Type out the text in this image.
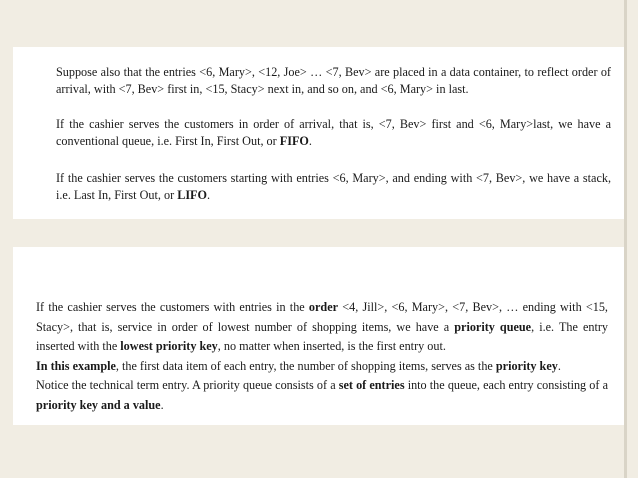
Suppose also that the entries <6, Mary>, <12, Joe> … <7, Bev> are placed in a data container, to reflect order of arrival, with <7, Bev> first in, <15, Stacy> next in, and so on, and <6, Mary> in last.

If the cashier serves the customers in order of arrival, that is, <7, Bev> first and <6, Mary>last, we have a conventional queue, i.e. First In, First Out, or FIFO.

If the cashier serves the customers starting with entries <6, Mary>, and ending with <7, Bev>, we have a stack, i.e. Last In, First Out, or LIFO.

If the cashier serves the customers with entries in the order <4, Jill>, <6, Mary>, <7, Bev>, … ending with <15, Stacy>, that is, service in order of lowest number of shopping items, we have a priority queue, i.e. The entry inserted with the lowest priority key, no matter when inserted, is the first entry out.
In this example, the first data item of each entry, the number of shopping items, serves as the priority key.
Notice the technical term entry. A priority queue consists of a set of entries into the queue, each entry consisting of a priority key and a value.
